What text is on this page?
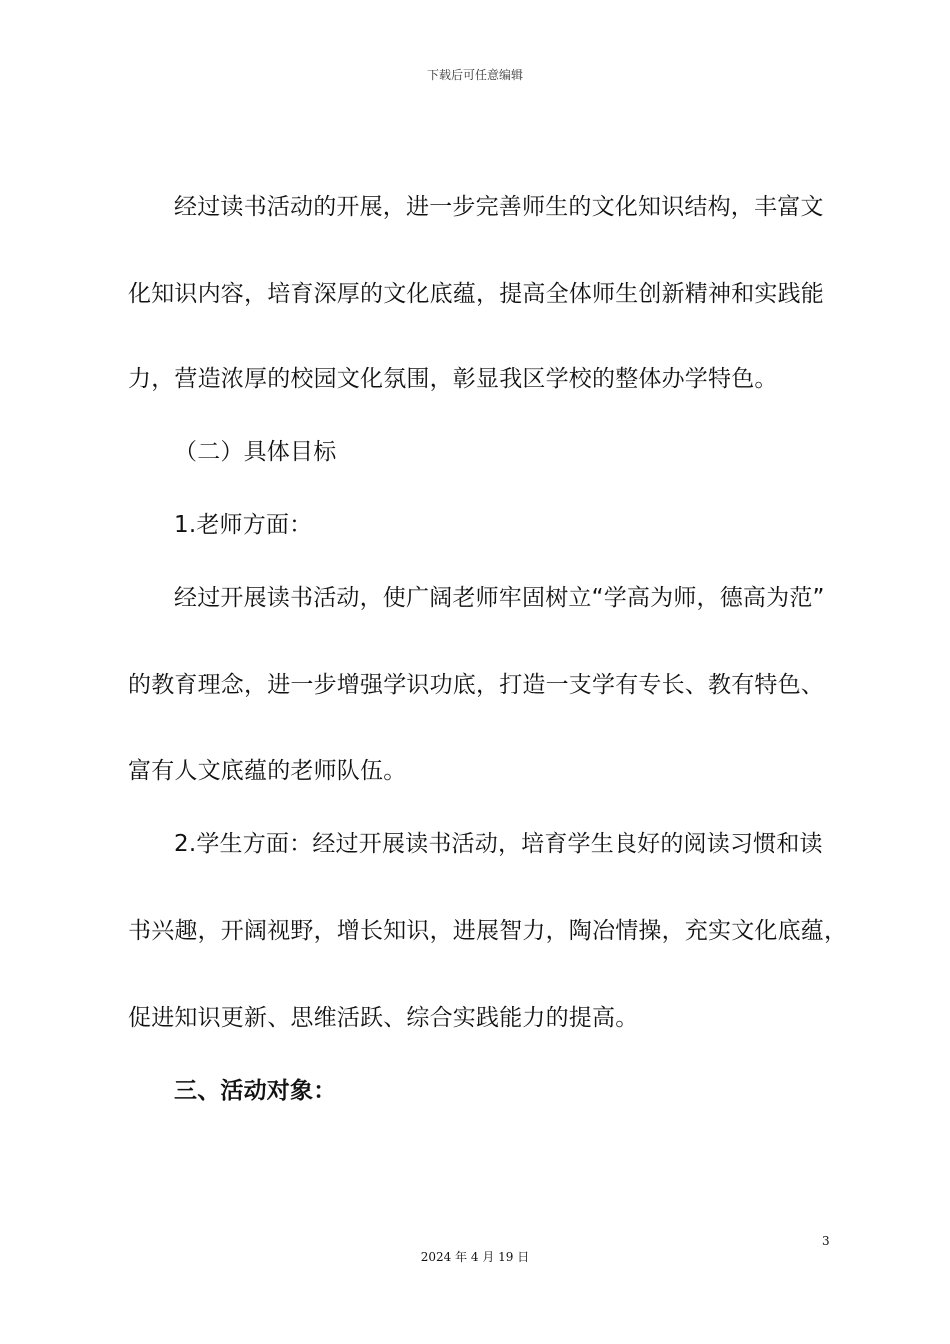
下载后可任意编辑
经过读书活动的开展，进一步完善师生的文化知识结构，丰富文
化知识内容，培育深厚的文化底蕴，提高全体师生创新精神和实践能
力，营造浓厚的校园文化氛围，彰显我区学校的整体办学特色。
（二）具体目标
1.老师方面：
经过开展读书活动，使广阔老师牢固树立“学高为师，德高为范”
的教育理念，进一步增强学识功底，打造一支学有专长、教有特色、
富有人文底蕴的老师队伍。
2.学生方面：经过开展读书活动，培育学生良好的阅读习惯和读
书兴趣，开阔视野，增长知识，进展智力，陶冶情操，充实文化底蕴，
促进知识更新、思维活跃、综合实践能力的提高。
三、活动对象：
3
2024 年 4 月 19 日
